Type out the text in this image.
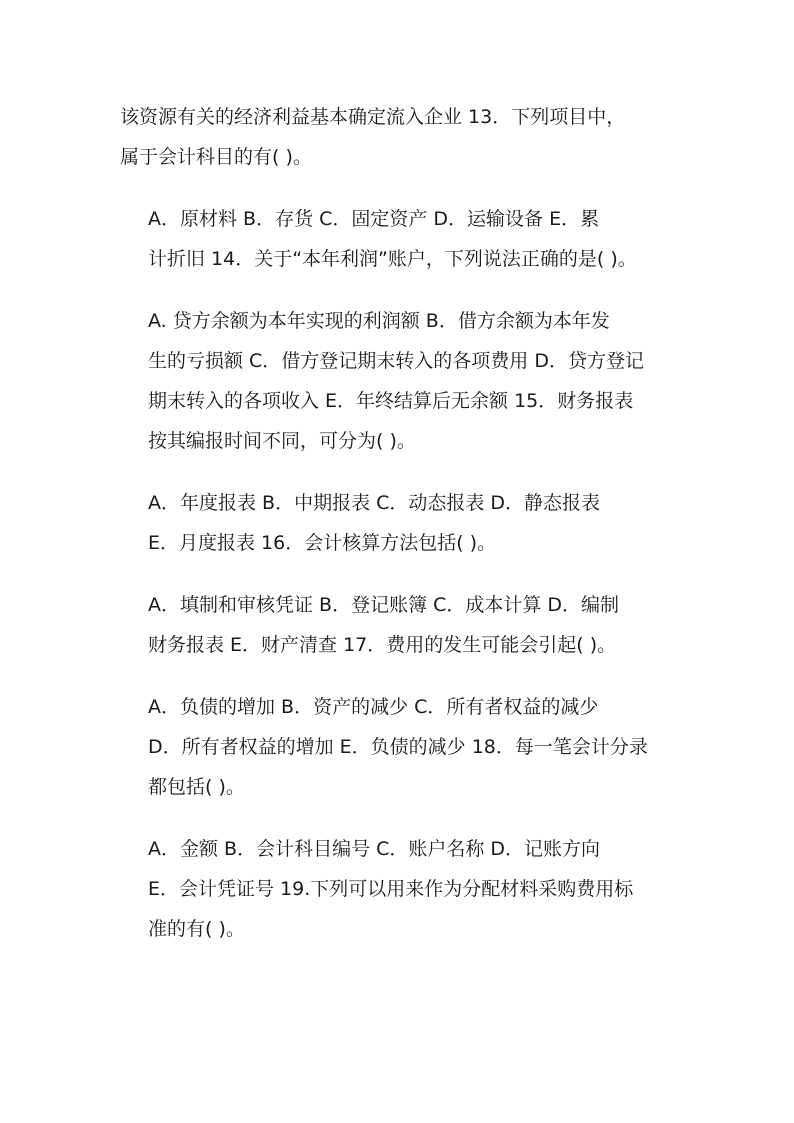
该资源有关的经济利益基本确定流入企业 13．下列项目中，
属于会计科目的有( )。

A．原材料 B．存货 C．固定资产 D．运输设备 E．累
计折旧 14．关于“本年利润”账户，下列说法正确的是( )。

A. 贷方余额为本年实现的利润额 B．借方余额为本年发
生的亏损额 C．借方登记期末转入的各项费用 D．贷方登记
期末转入的各项收入 E．年终结算后无余额 15．财务报表
按其编报时间不同，可分为( )。

A．年度报表 B．中期报表 C．动态报表 D．静态报表
E．月度报表 16．会计核算方法包括( )。

A．填制和审核凭证 B．登记账簿 C．成本计算 D．编制
财务报表 E．财产清查 17．费用的发生可能会引起( )。

A．负债的增加 B．资产的减少 C．所有者权益的减少
D．所有者权益的增加 E．负债的减少 18．每一笔会计分录
都包括( )。

A．金额 B．会计科目编号 C．账户名称 D．记账方向
E．会计凭证号 19.下列可以用来作为分配材料采购费用标
准的有( )。
